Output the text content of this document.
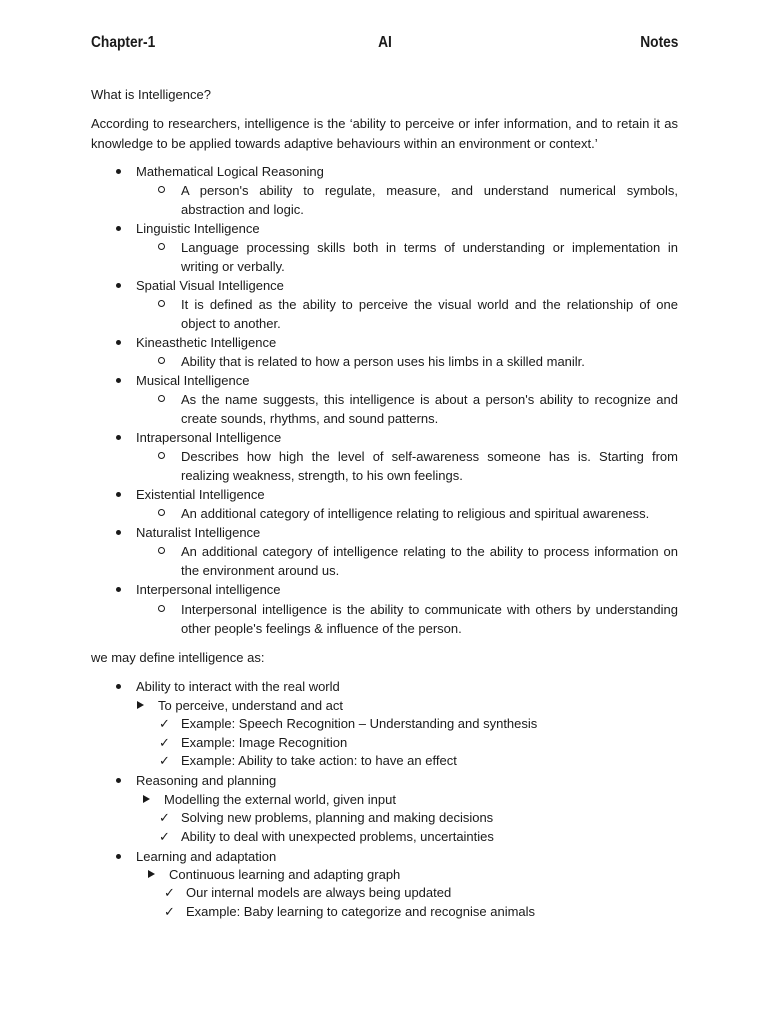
Chapter-1	AI	Notes
What is Intelligence?
According to researchers, intelligence is the ‘ability to perceive or infer information, and to retain it as knowledge to be applied towards adaptive behaviours within an environment or context.’
Mathematical Logical Reasoning
A person's ability to regulate, measure, and understand numerical symbols, abstraction and logic.
Linguistic Intelligence
Language processing skills both in terms of understanding or implementation in writing or verbally.
Spatial Visual Intelligence
It is defined as the ability to perceive the visual world and the relationship of one object to another.
Kineasthetic Intelligence
Ability that is related to how a person uses his limbs in a skilled manilr.
Musical Intelligence
As the name suggests, this intelligence is about a person's ability to recognize and create sounds, rhythms, and sound patterns.
Intrapersonal Intelligence
Describes how high the level of self-awareness someone has is. Starting from realizing weakness, strength, to his own feelings.
Existential Intelligence
An additional category of intelligence relating to religious and spiritual awareness.
Naturalist Intelligence
An additional category of intelligence relating to the ability to process information on the environment around us.
Interpersonal intelligence
Interpersonal intelligence is the ability to communicate with others by understanding other people's feelings & influence of the person.
we may define intelligence as:
Ability to interact with the real world
To perceive, understand and act
✓ Example: Speech Recognition – Understanding and synthesis
✓ Example: Image Recognition
✓ Example: Ability to take action: to have an effect
Reasoning and planning
Modelling the external world, given input
✓ Solving new problems, planning and making decisions
✓ Ability to deal with unexpected problems, uncertainties
Learning and adaptation
Continuous learning and adapting graph
✓ Our internal models are always being updated
✓ Example: Baby learning to categorize and recognise animals
